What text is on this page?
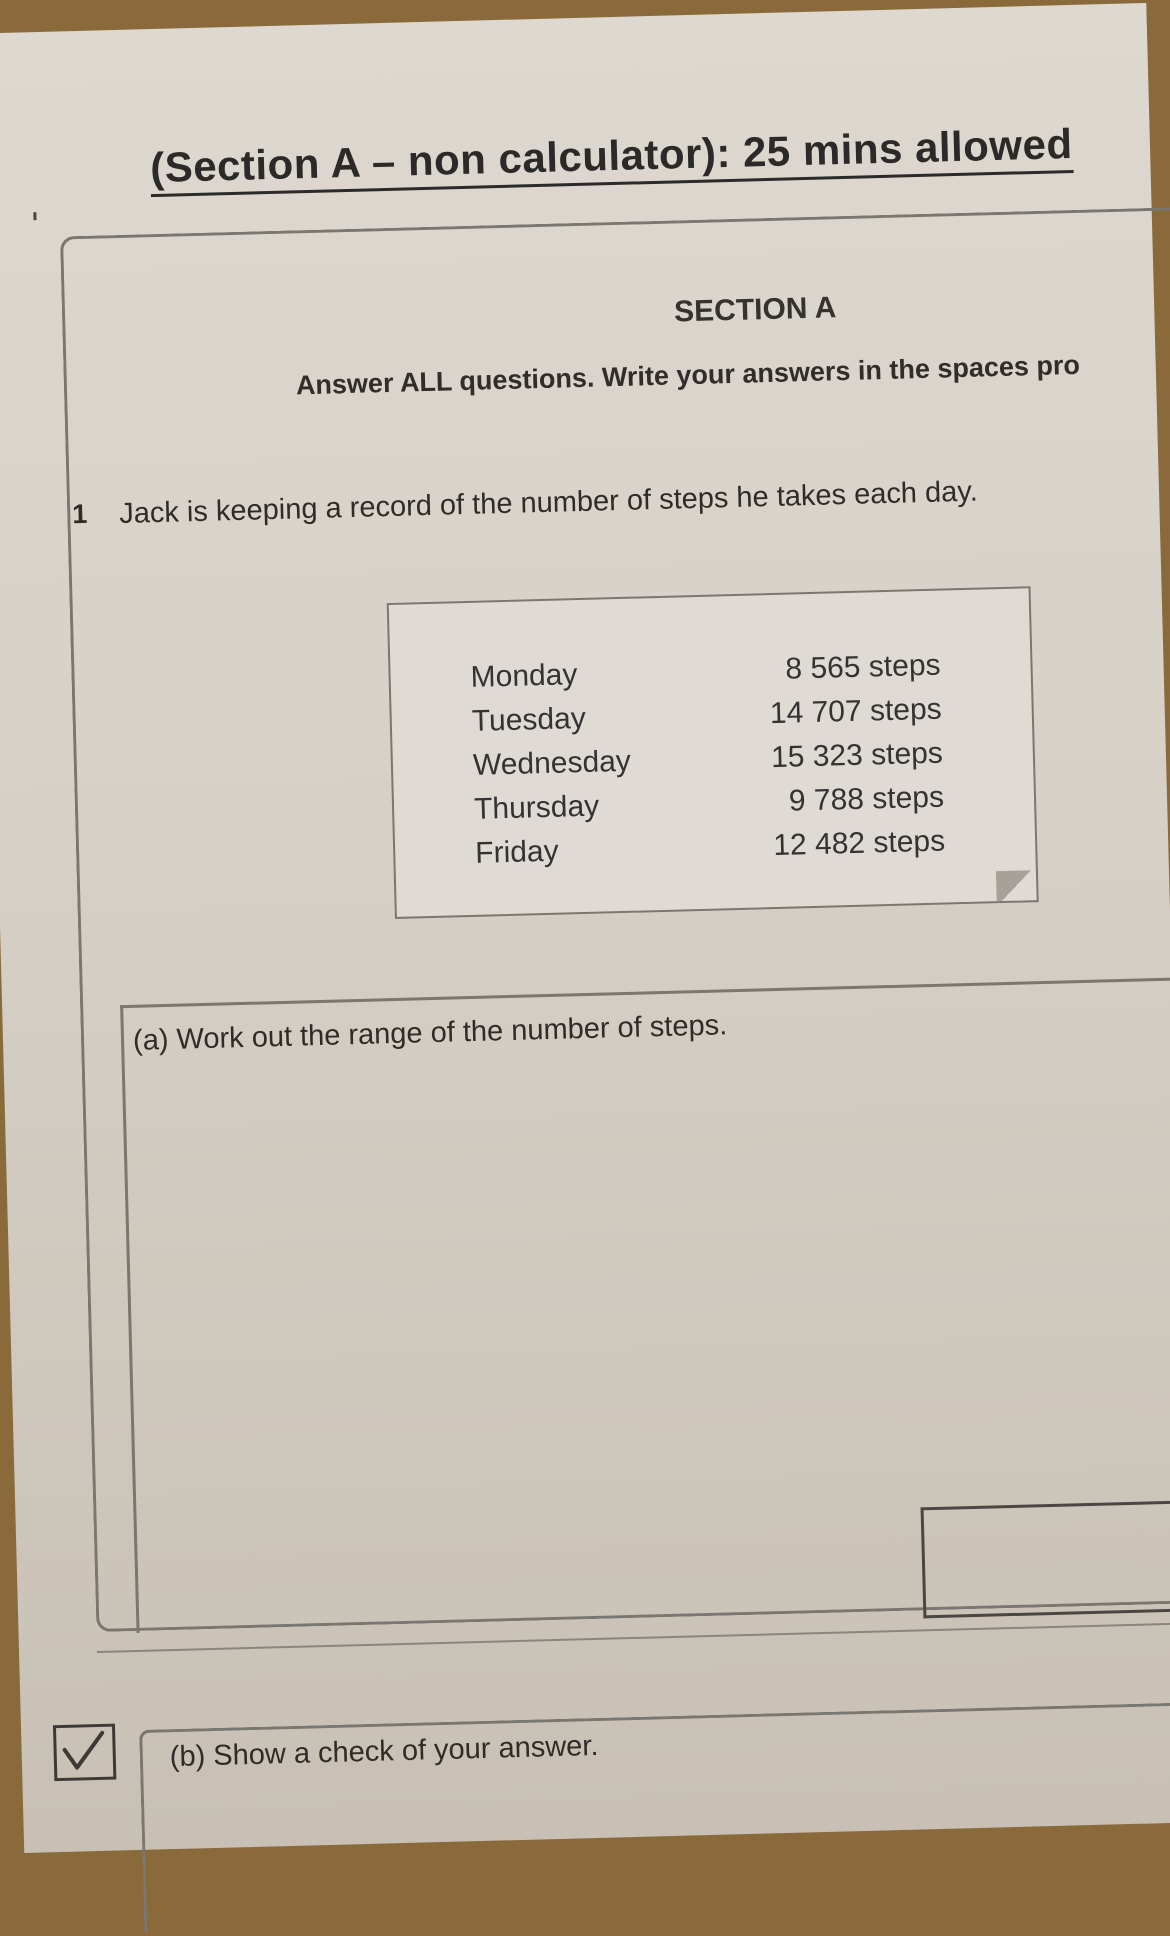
(Section A – non calculator): 25 mins allowed
SECTION A
Answer ALL questions. Write your answers in the spaces pro
1 Jack is keeping a record of the number of steps he takes each day.
Monday	8 565 steps
Tuesday	14 707 steps
Wednesday	15 323 steps
Thursday	9 788 steps
Friday	12 482 steps
(a) Work out the range of the number of steps.
(b) Show a check of your answer.
